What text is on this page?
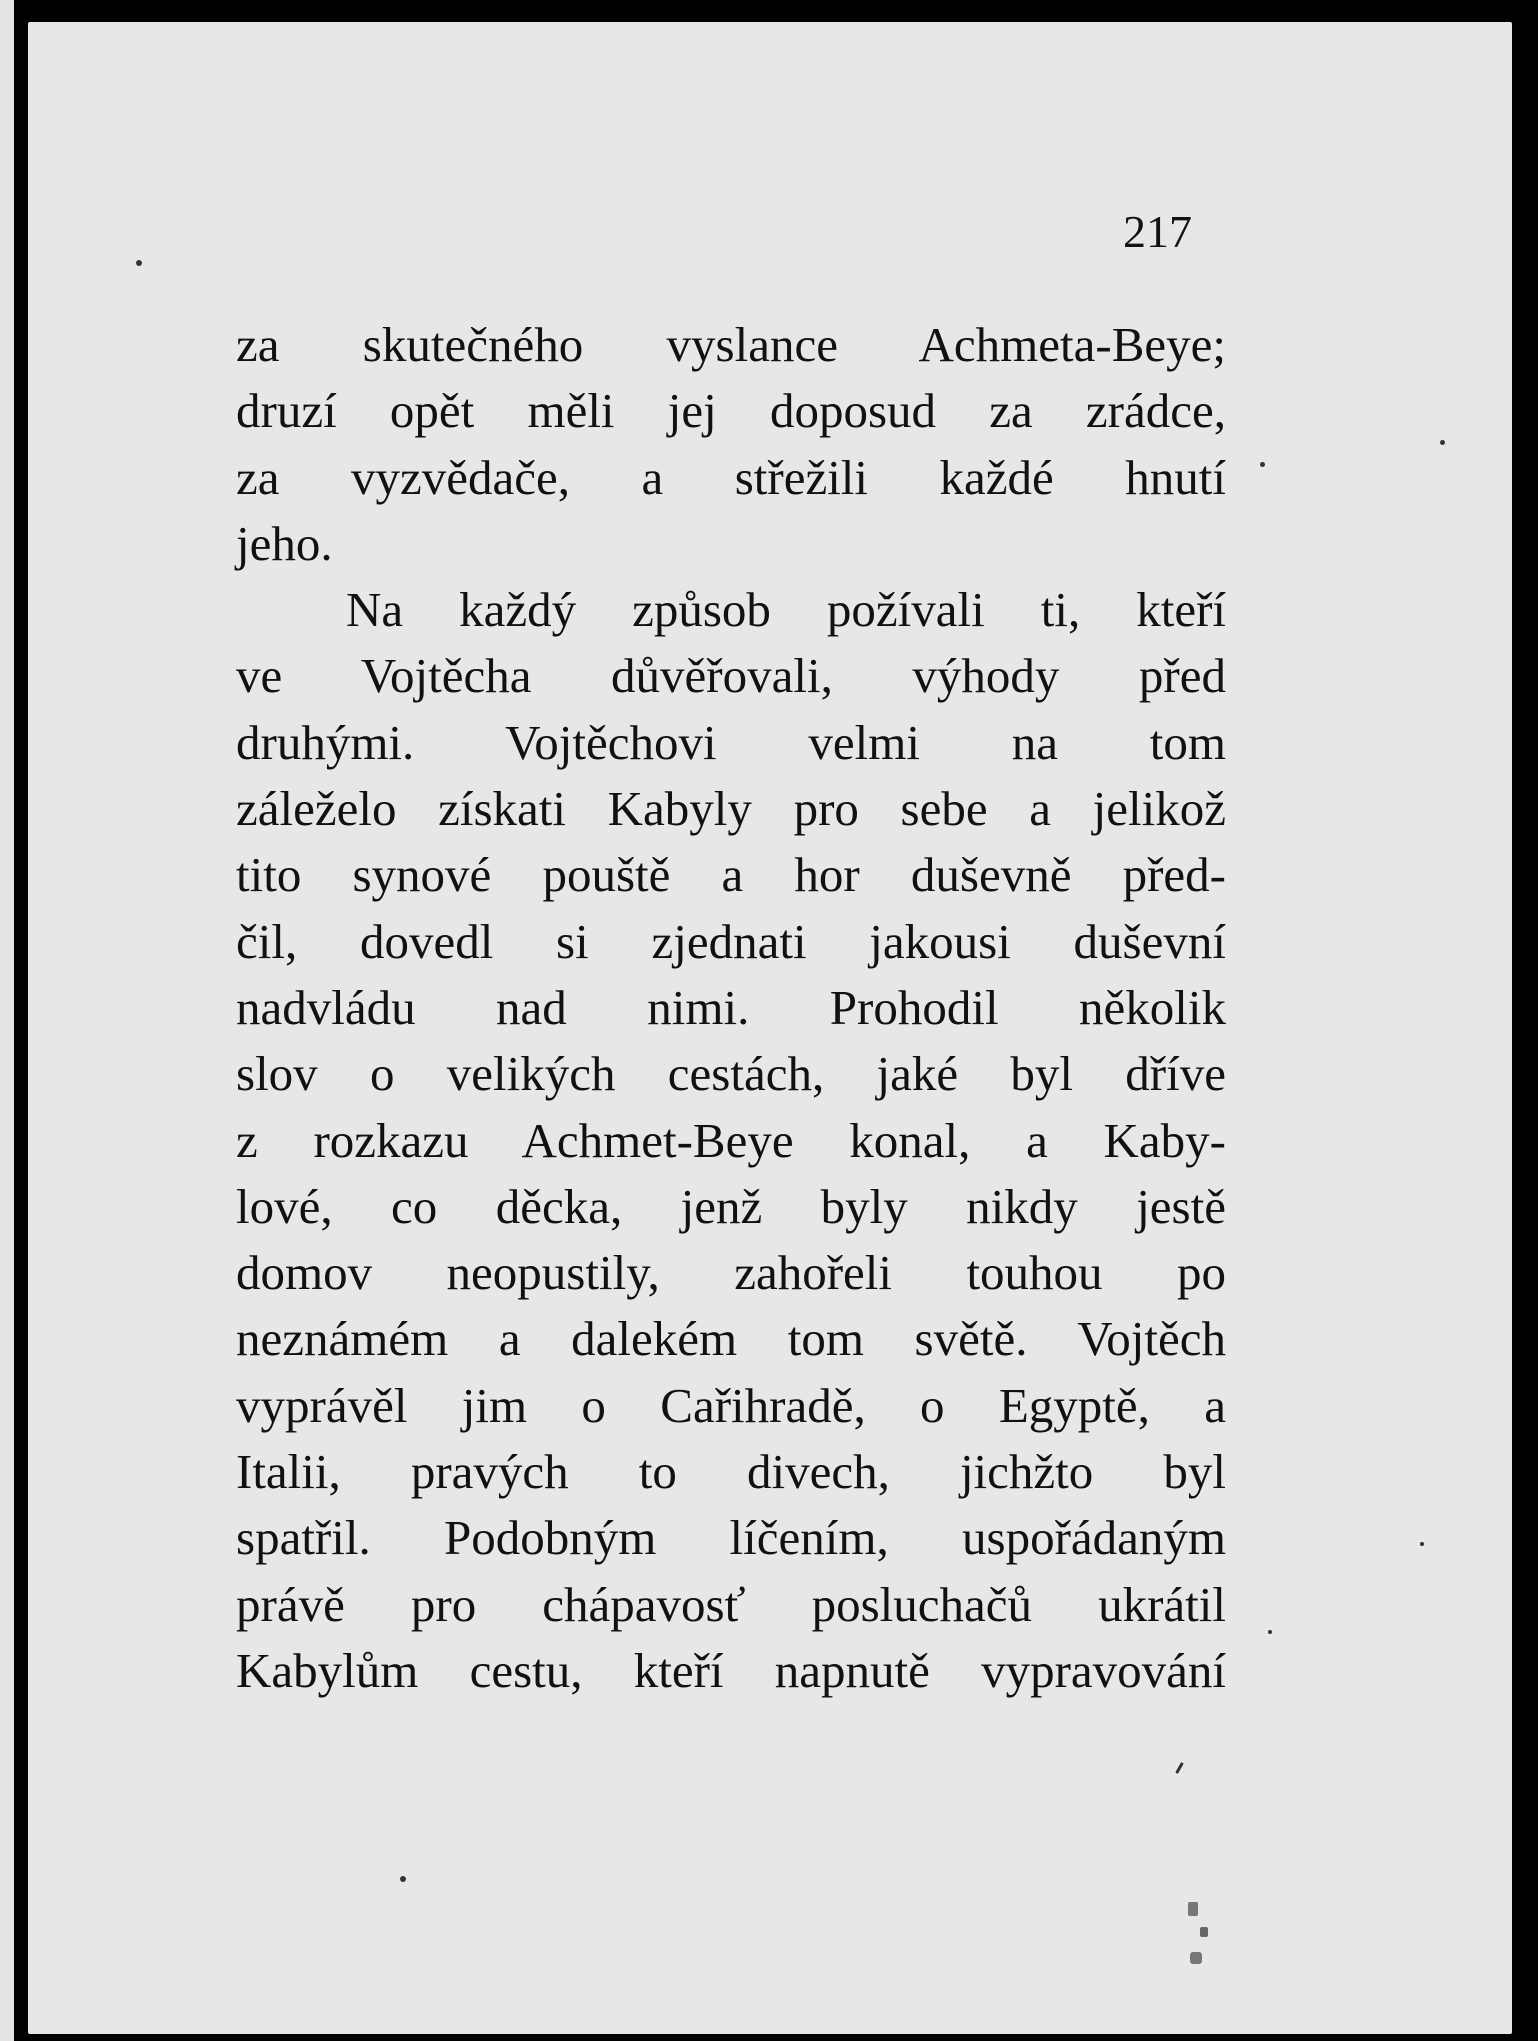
217
za skutečného vyslance Achmeta-Beye;
druzí opět měli jej doposud za zrádce,
za vyzvědače, a střežili každé hnutí
jeho.
Na každý způsob požívali ti, kteří
ve Vojtěcha důvěřovali, výhody před
druhými. Vojtěchovi velmi na tom
záleželo získati Kabyly pro sebe a jelikož
tito synové pouště a hor duševně před-
čil, dovedl si zjednati jakousi duševní
nadvládu nad nimi. Prohodil několik
slov o velikých cestách, jaké byl dříve
z rozkazu Achmet-Beye konal, a Kaby-
lové, co děcka, jenž byly nikdy jestě
domov neopustily, zahořeli touhou po
neznámém a dalekém tom světě. Vojtěch
vyprávěl jim o Cařihradě, o Egyptě, a
Italii, pravých to divech, jichžto byl
spatřil. Podobným líčením, uspořádaným
právě pro chápavosť posluchačů ukrátil
Kabylům cestu, kteří napnutě vypravování
